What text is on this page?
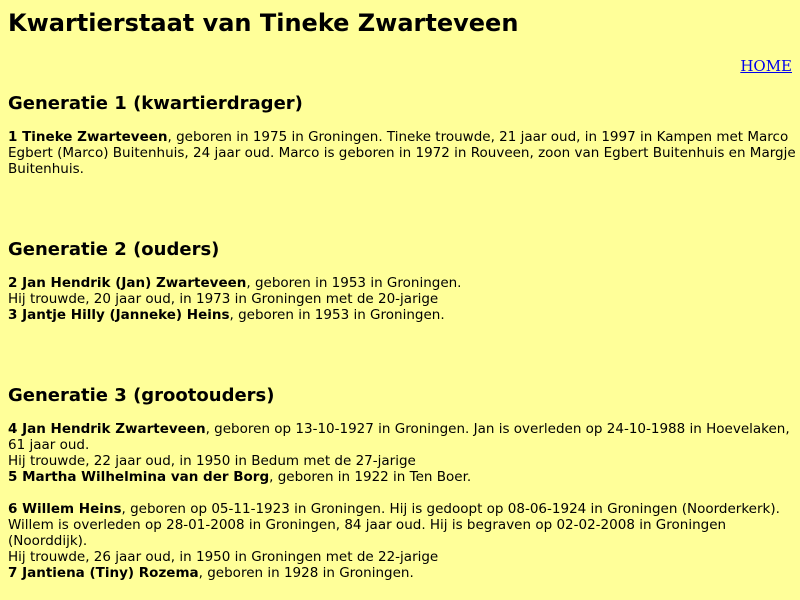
Kwartierstaat van Tineke Zwarteveen
HOME
Generatie 1 (kwartierdrager)

1 Tineke Zwarteveen, geboren in 1975 in Groningen. Tineke trouwde, 21 jaar oud, in 1997 in Kampen met Marco Egbert (Marco) Buitenhuis, 24 jaar oud. Marco is geboren in 1972 in Rouveen, zoon van Egbert Buitenhuis en Margje Buitenhuis.

Generatie 2 (ouders)
2 Jan Hendrik (Jan) Zwarteveen, geboren in 1953 in Groningen.
Hij trouwde, 20 jaar oud, in 1973 in Groningen met de 20-jarige
3 Jantje Hilly (Janneke) Heins, geboren in 1953 in Groningen.
Generatie 3 (grootouders)
4 Jan Hendrik Zwarteveen, geboren op 13-10-1927 in Groningen. Jan is overleden op 24-10-1988 in Hoevelaken, 61 jaar oud.
Hij trouwde, 22 jaar oud, in 1950 in Bedum met de 27-jarige
5 Martha Wilhelmina van der Borg, geboren in 1922 in Ten Boer.
6 Willem Heins, geboren op 05-11-1923 in Groningen. Hij is gedoopt op 08-06-1924 in Groningen (Noorderkerk). Willem is overleden op 28-01-2008 in Groningen, 84 jaar oud. Hij is begraven op 02-02-2008 in Groningen (Noorddijk).
Hij trouwde, 26 jaar oud, in 1950 in Groningen met de 22-jarige
7 Jantiena (Tiny) Rozema, geboren in 1928 in Groningen.
